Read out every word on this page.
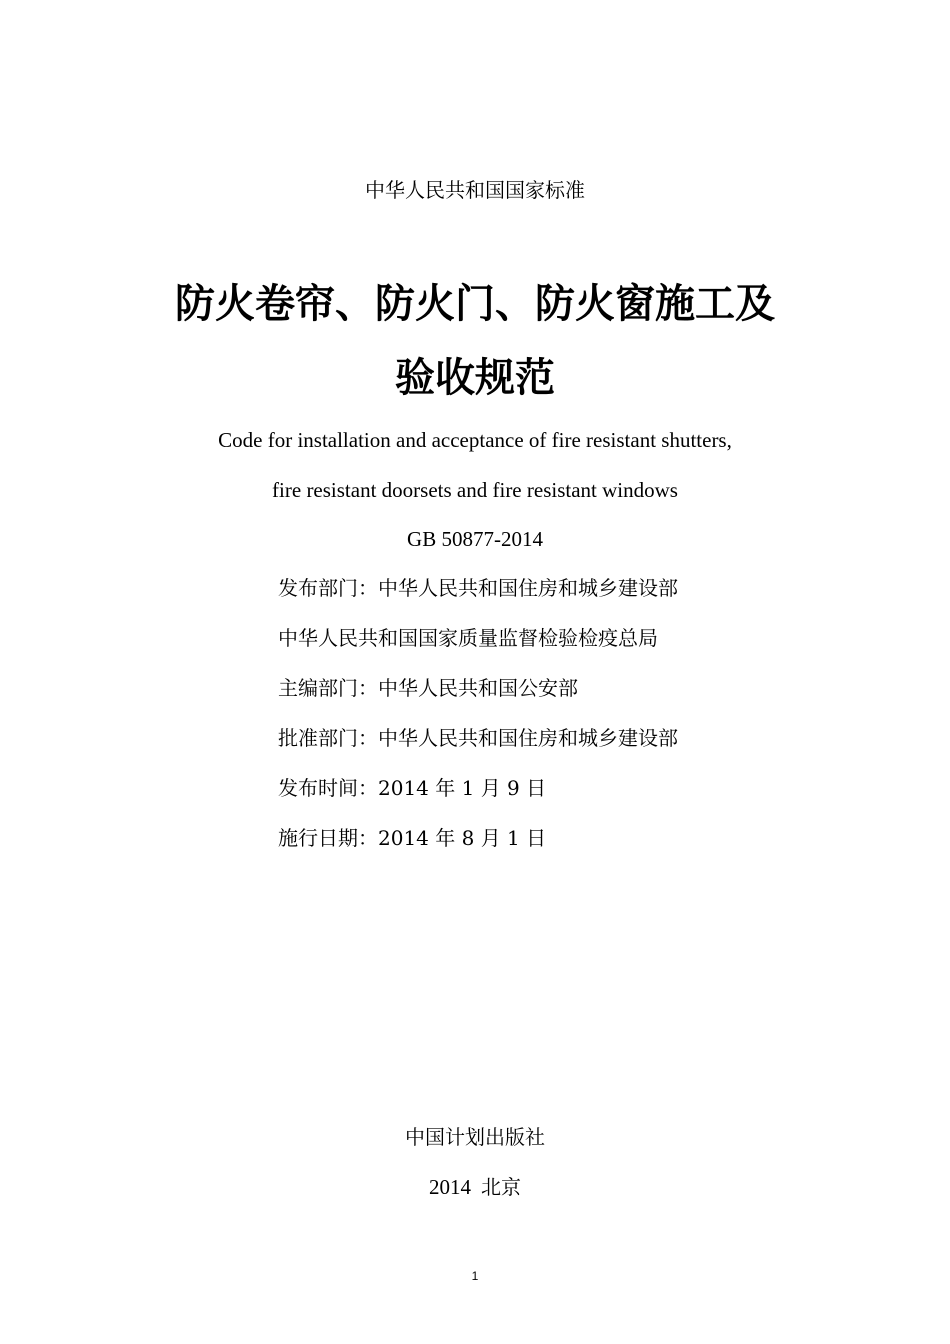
中华人民共和国国家标准
防火卷帘、防火门、防火窗施工及
验收规范
Code for installation and acceptance of fire resistant shutters,
fire resistant doorsets and fire resistant windows
GB 50877-2014
发布部门：中华人民共和国住房和城乡建设部
中华人民共和国国家质量监督检验检疫总局
主编部门：中华人民共和国公安部
批准部门：中华人民共和国住房和城乡建设部
发布时间：2014 年 1 月 9 日
施行日期：2014 年 8 月 1 日
中国计划出版社
2014 北京
1
